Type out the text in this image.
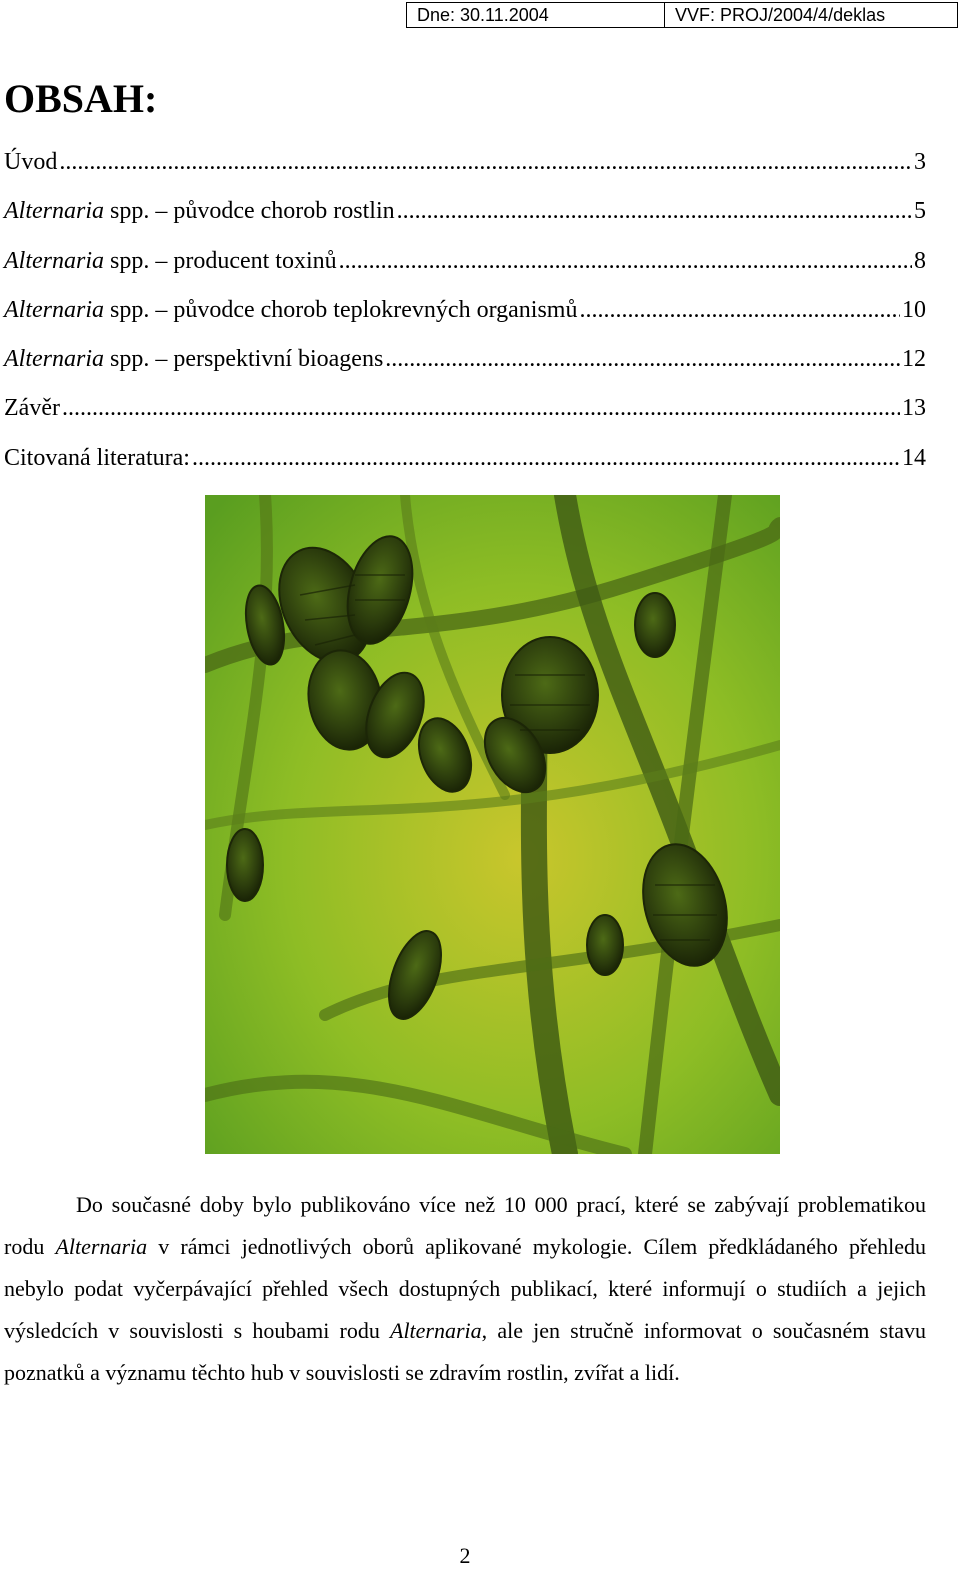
Dne: 30.11.2004	VVF: PROJ/2004/4/deklas
OBSAH:
Úvod .....	3
Alternaria spp. – původce chorob rostlin .....	5
Alternaria spp. – producent toxinů .....	8
Alternaria spp. – původce chorob teplokrevných organismů .....	10
Alternaria spp. – perspektivní bioagens .....	12
Závěr .....	13
Citovaná literatura: .....	14

Do současné doby bylo publikováno více než 10 000 prací, které se zabývají problematikou rodu Alternaria v rámci jednotlivých oborů aplikované mykologie. Cílem předkládaného přehledu nebylo podat vyčerpávající přehled všech dostupných publikací, které informují o studiích a jejich výsledcích v souvislosti s houbami rodu Alternaria, ale jen stručně informovat o současném stavu poznatků a významu těchto hub v souvislosti se zdravím rostlin, zvířat a lidí.

2
